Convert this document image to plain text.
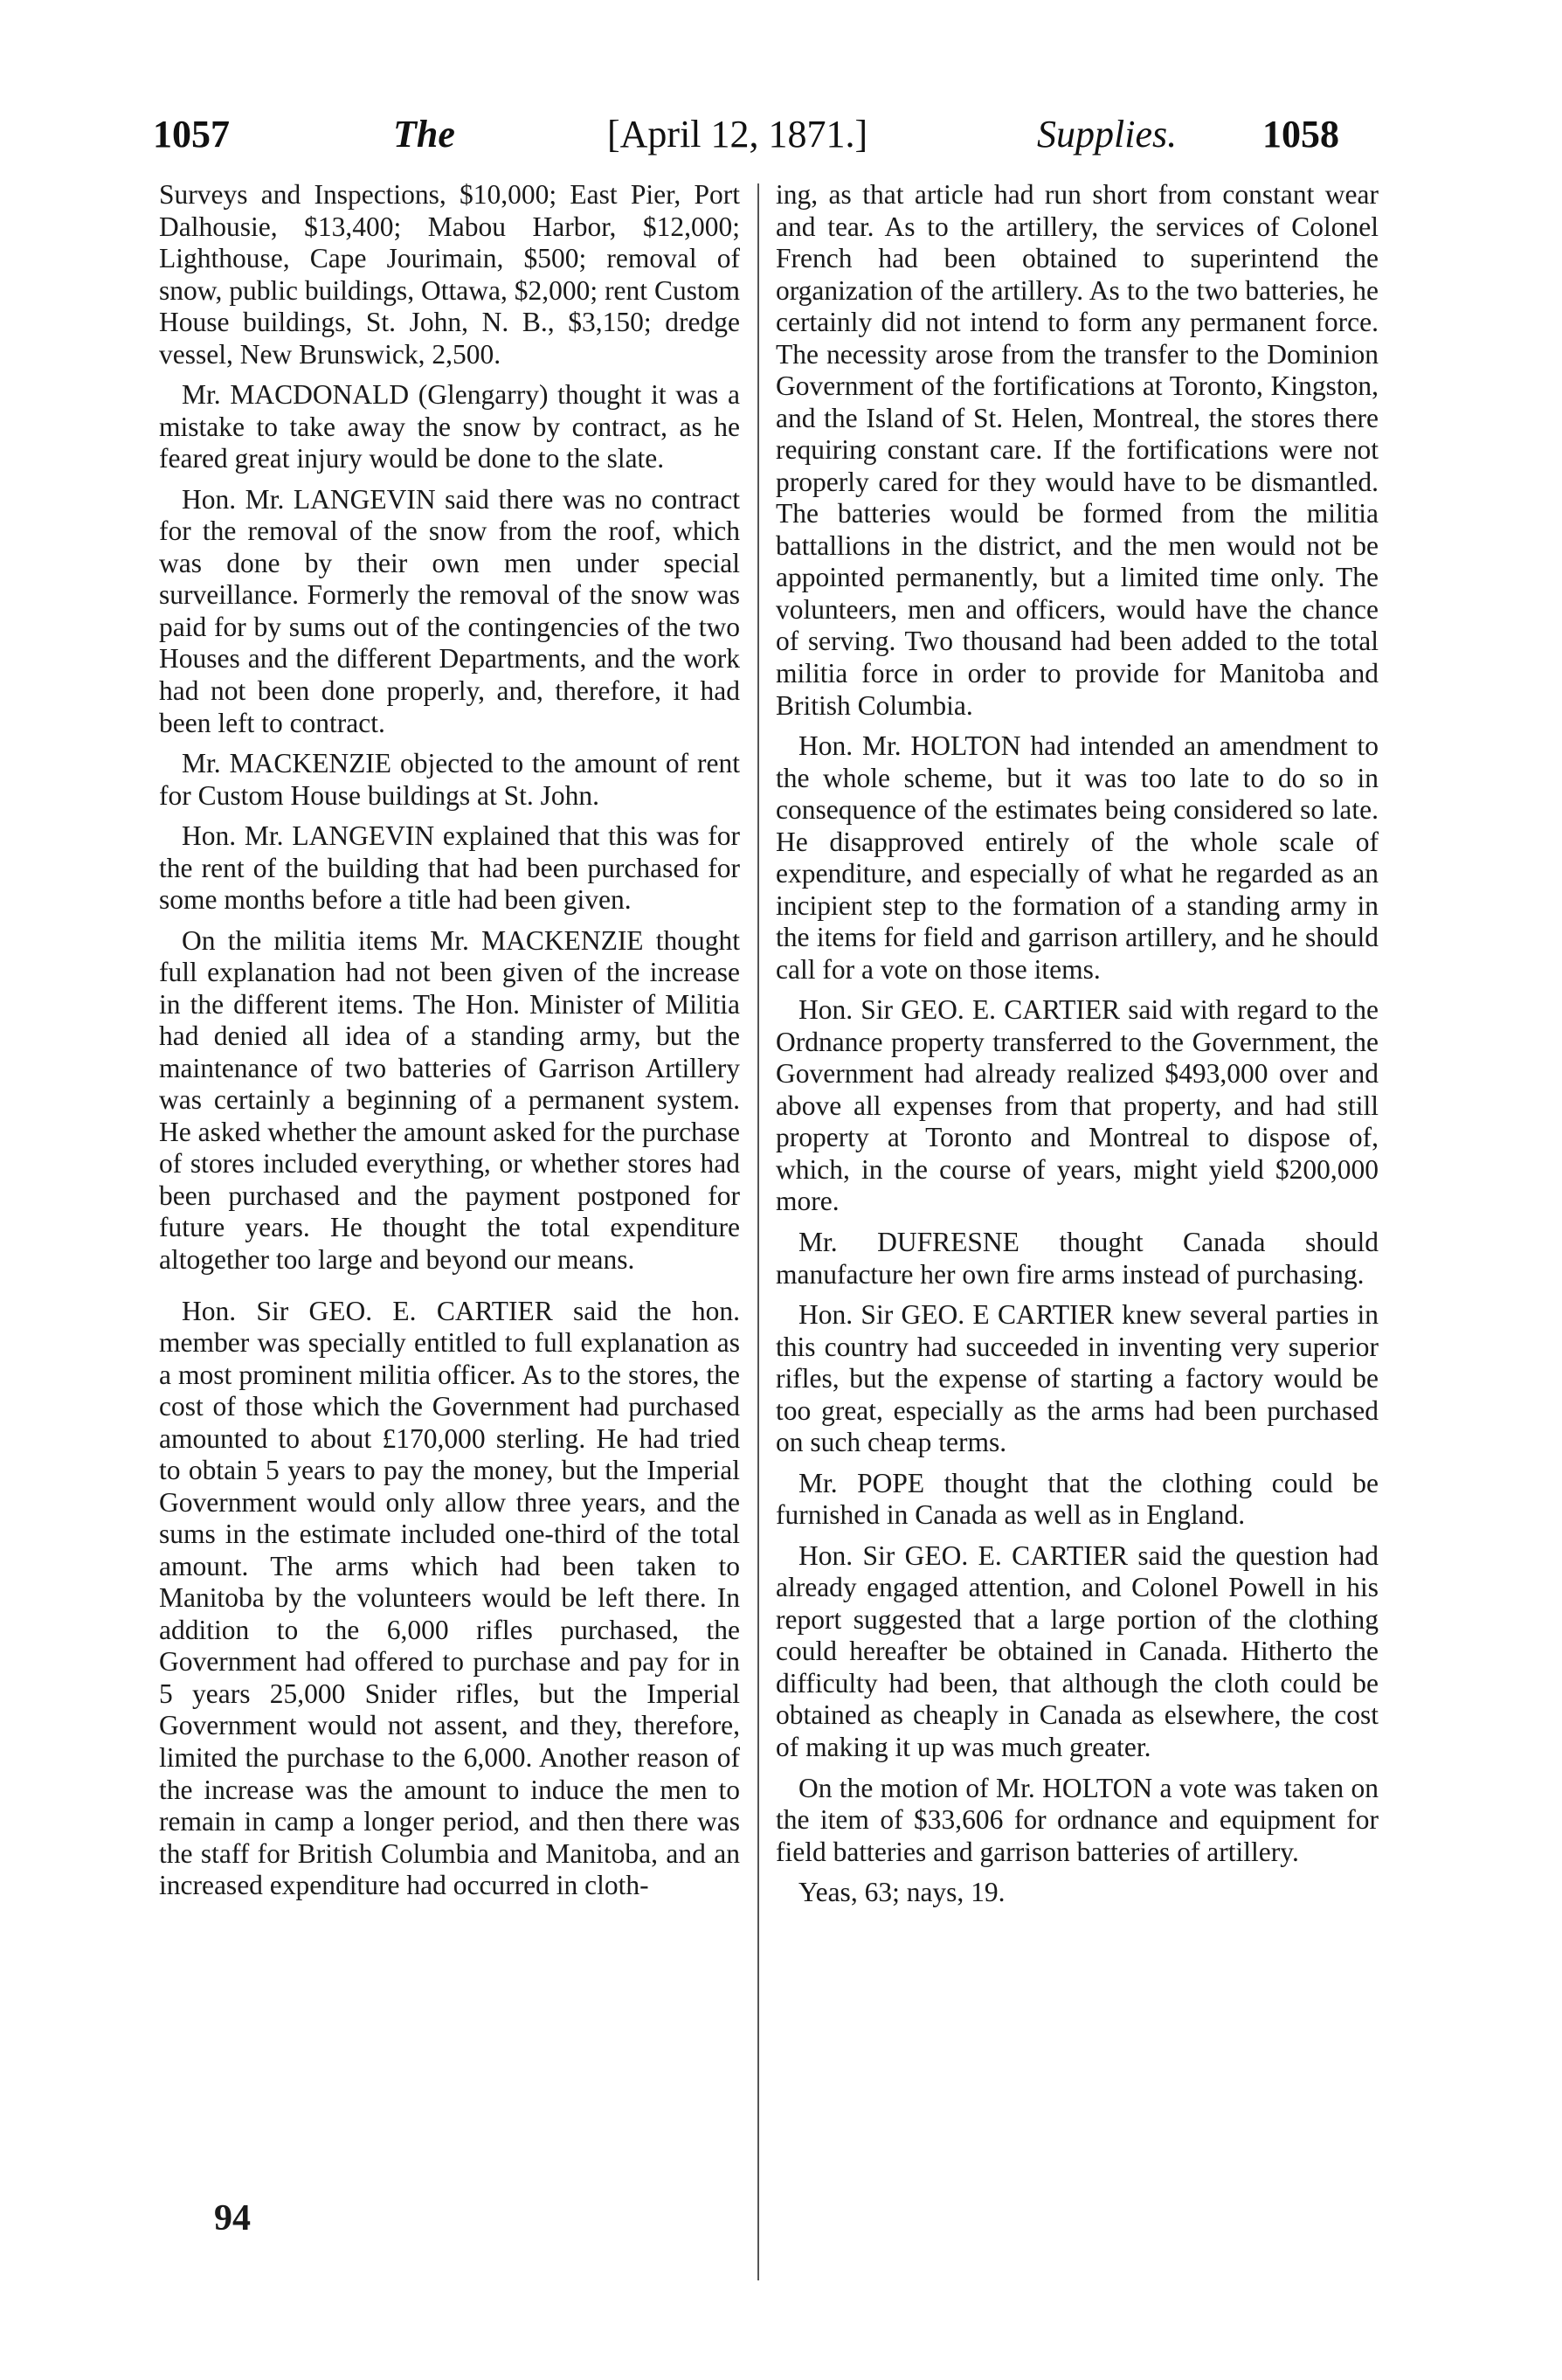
1057	The	[April 12, 1871.]	Supplies. 1058

Surveys and Inspections, $10,000; East Pier, Port Dalhousie, $13,400; Mabou Harbor, $12,000; Lighthouse, Cape Jourimain, $500; removal of snow, public buildings, Ottawa, $2,000; rent Custom House buildings, St. John, N. B., $3,150; dredge vessel, New Brunswick, 2,500.

Mr. MACDONALD (Glengarry) thought it was a mistake to take away the snow by contract, as he feared great injury would be done to the slate.

Hon. Mr. LANGEVIN said there was no contract for the removal of the snow from the roof, which was done by their own men under special surveillance. Formerly the removal of the snow was paid for by sums out of the contingencies of the two Houses and the different Departments, and the work had not been done properly, and, therefore, it had been left to contract.

Mr. MACKENZIE objected to the amount of rent for Custom House buildings at St. John.

Hon. Mr. LANGEVIN explained that this was for the rent of the building that had been purchased for some months before a title had been given.

On the militia items Mr. MACKENZIE thought full explanation had not been given of the increase in the different items. The Hon. Minister of Militia had denied all idea of a standing army, but the maintenance of two batteries of Garrison Artillery was certainly a beginning of a permanent system. He asked whether the amount asked for the purchase of stores included everything, or whether stores had been purchased and the payment postponed for future years. He thought the total expenditure altogether too large and beyond our means.

Hon. Sir GEO. E. CARTIER said the hon. member was specially entitled to full explanation as a most prominent militia officer. As to the stores, the cost of those which the Government had purchased amounted to about £170,000 sterling. He had tried to obtain 5 years to pay the money, but the Imperial Government would only allow three years, and the sums in the estimate included one-third of the total amount. The arms which had been taken to Manitoba by the volunteers would be left there. In addition to the 6,000 rifles purchased, the Government had offered to purchase and pay for in 5 years 25,000 Snider rifles, but the Imperial Government would not assent, and they, therefore, limited the purchase to the 6,000. Another reason of the increase was the amount to induce the men to remain in camp a longer period, and then there was the staff for British Columbia and Manitoba, and an increased expenditure had occurred in cloth-

ing, as that article had run short from constant wear and tear. As to the artillery, the services of Colonel French had been obtained to superintend the organization of the artillery. As to the two batteries, he certainly did not intend to form any permanent force. The necessity arose from the transfer to the Dominion Government of the fortifications at Toronto, Kingston, and the Island of St. Helen, Montreal, the stores there requiring constant care. If the fortifications were not properly cared for they would have to be dismantled. The batteries would be formed from the militia battallions in the district, and the men would not be appointed permanently, but a limited time only. The volunteers, men and officers, would have the chance of serving. Two thousand had been added to the total militia force in order to provide for Manitoba and British Columbia.

Hon. Mr. HOLTON had intended an amendment to the whole scheme, but it was too late to do so in consequence of the estimates being considered so late. He disapproved entirely of the whole scale of expenditure, and especially of what he regarded as an incipient step to the formation of a standing army in the items for field and garrison artillery, and he should call for a vote on those items.

Hon. Sir GEO. E. CARTIER said with regard to the Ordnance property transferred to the Government, the Government had already realized $493,000 over and above all expenses from that property, and had still property at Toronto and Montreal to dispose of, which, in the course of years, might yield $200,000 more.

Mr. DUFRESNE thought Canada should manufacture her own fire arms instead of purchasing.

Hon. Sir GEO. E CARTIER knew several parties in this country had succeeded in inventing very superior rifles, but the expense of starting a factory would be too great, especially as the arms had been purchased on such cheap terms.

Mr. POPE thought that the clothing could be furnished in Canada as well as in England.

Hon. Sir GEO. E. CARTIER said the question had already engaged attention, and Colonel Powell in his report suggested that a large portion of the clothing could hereafter be obtained in Canada. Hitherto the difficulty had been, that although the cloth could be obtained as cheaply in Canada as elsewhere, the cost of making it up was much greater.

On the motion of Mr. HOLTON a vote was taken on the item of $33,606 for ordnance and equipment for field batteries and garrison batteries of artillery.

Yeas, 63; nays, 19.

94
